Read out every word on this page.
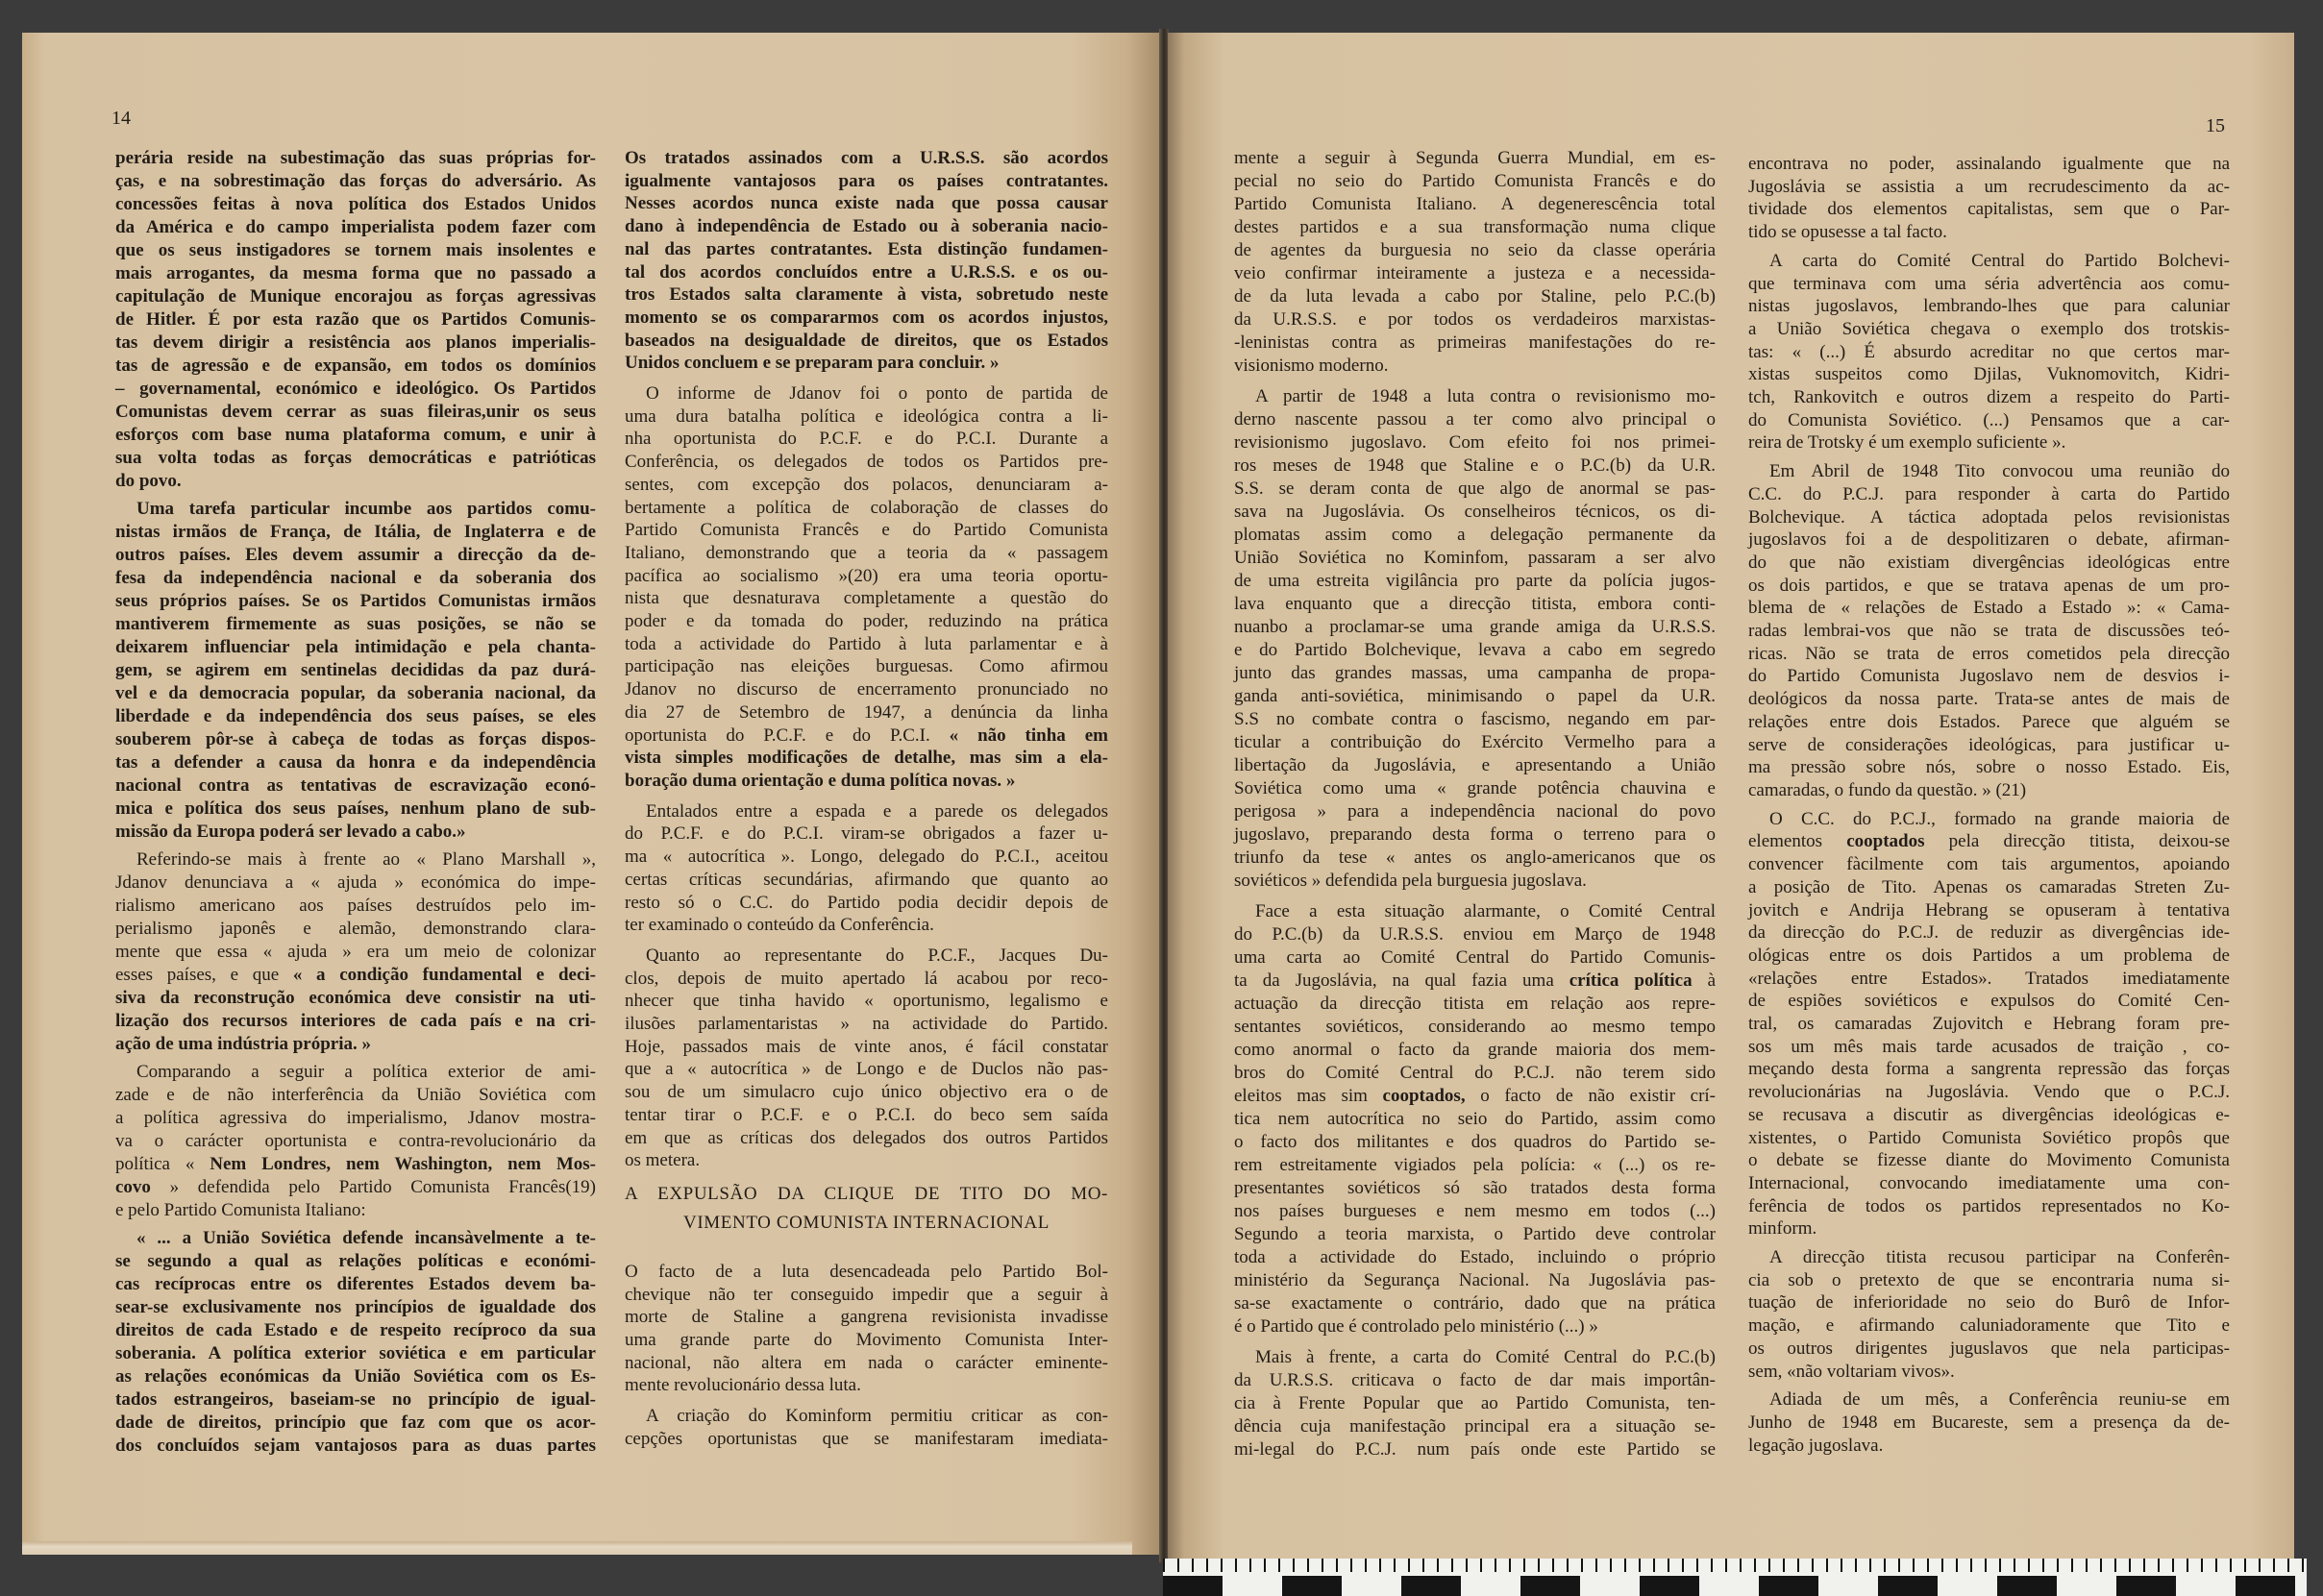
14
perária reside na subestimação das suas próprias for-
ças, e na sobrestimação das forças do adversário. As
concessões feitas à nova política dos Estados Unidos
da América e do campo imperialista podem fazer com
que os seus instigadores se tornem mais insolentes e
mais arrogantes, da mesma forma que no passado a
capitulação de Munique encorajou as forças agressivas
de Hitler. É por esta razão que os Partidos Comunis-
tas devem dirigir a resistência aos planos imperialis-
tas de agressão e de expansão, em todos os domínios
– governamental, económico e ideológico. Os Partidos
Comunistas devem cerrar as suas fileiras,unir os seus
esforços com base numa plataforma comum, e unir à
sua volta todas as forças democráticas e patrióticas
do povo.
Uma tarefa particular incumbe aos partidos comu-
nistas irmãos de França, de Itália, de Inglaterra e de
outros países. Eles devem assumir a direcção da de-
fesa da independência nacional e da soberania dos
seus próprios países. Se os Partidos Comunistas irmãos
mantiverem firmemente as suas posições, se não se
deixarem influenciar pela intimidação e pela chanta-
gem, se agirem em sentinelas decididas da paz durá-
vel e da democracia popular, da soberania nacional, da
liberdade e da independência dos seus países, se eles
souberem pôr-se à cabeça de todas as forças dispos-
tas a defender a causa da honra e da independência
nacional contra as tentativas de escravização econó-
mica e política dos seus países, nenhum plano de sub-
missão da Europa poderá ser levado a cabo.»
Referindo-se mais à frente ao « Plano Marshall »,
Jdanov denunciava a « ajuda » económica do impe-
rialismo americano aos países destruídos pelo im-
perialismo japonês e alemão, demonstrando clara-
mente que essa « ajuda » era um meio de colonizar
esses países, e que « a condição fundamental e deci-
siva da reconstrução económica deve consistir na uti-
lização dos recursos interiores de cada país e na cri-
ação de uma indústria própria. »
Comparando a seguir a política exterior de ami-
zade e de não interferência da União Soviética com
a política agressiva do imperialismo, Jdanov mostra-
va o carácter oportunista e contra-revolucionário da
política « Nem Londres, nem Washington, nem Mos-
covo » defendida pelo Partido Comunista Francês(19)
e pelo Partido Comunista Italiano:
« ... a União Soviética defende incansàvelmente a te-
se segundo a qual as relações políticas e económi-
cas recíprocas entre os diferentes Estados devem ba-
sear-se exclusivamente nos princípios de igualdade dos
direitos de cada Estado e de respeito recíproco da sua
soberania. A política exterior soviética e em particular
as relações económicas da União Soviética com os Es-
tados estrangeiros, baseiam-se no princípio de igual-
dade de direitos, princípio que faz com que os acor-
dos concluídos sejam vantajosos para as duas partes
Os tratados assinados com a U.R.S.S. são acordos
igualmente vantajosos para os países contratantes.
Nesses acordos nunca existe nada que possa causar
dano à independência de Estado ou à soberania nacio-
nal das partes contratantes. Esta distinção fundamen-
tal dos acordos concluídos entre a U.R.S.S. e os ou-
tros Estados salta claramente à vista, sobretudo neste
momento se os compararmos com os acordos injustos,
baseados na desigualdade de direitos, que os Estados
Unidos concluem e se preparam para concluir. »
O informe de Jdanov foi o ponto de partida de
uma dura batalha política e ideológica contra a li-
nha oportunista do P.C.F. e do P.C.I. Durante a
Conferência, os delegados de todos os Partidos pre-
sentes, com excepção dos polacos, denunciaram a-
bertamente a política de colaboração de classes do
Partido Comunista Francês e do Partido Comunista
Italiano, demonstrando que a teoria da « passagem
pacífica ao socialismo »(20) era uma teoria oportu-
nista que desnaturava completamente a questão do
poder e da tomada do poder, reduzindo na prática
toda a actividade do Partido à luta parlamentar e à
participação nas eleições burguesas. Como afirmou
Jdanov no discurso de encerramento pronunciado no
dia 27 de Setembro de 1947, a denúncia da linha
oportunista do P.C.F. e do P.C.I. « não tinha em
vista simples modificações de detalhe, mas sim a ela-
boração duma orientação e duma política novas. »
Entalados entre a espada e a parede os delegados
do P.C.F. e do P.C.I. viram-se obrigados a fazer u-
ma « autocrítica ». Longo, delegado do P.C.I., aceitou
certas críticas secundárias, afirmando que quanto ao
resto só o C.C. do Partido podia decidir depois de
ter examinado o conteúdo da Conferência.
Quanto ao representante do P.C.F., Jacques Du-
clos, depois de muito apertado lá acabou por reco-
nhecer que tinha havido « oportunismo, legalismo e
ilusões parlamentaristas » na actividade do Partido.
Hoje, passados mais de vinte anos, é fácil constatar
que a « autocrítica » de Longo e de Duclos não pas-
sou de um simulacro cujo único objectivo era o de
tentar tirar o P.C.F. e o P.C.I. do beco sem saída
em que as críticas dos delegados dos outros Partidos
os metera.
A EXPULSÃO DA CLIQUE DE TITO DO MO-
VIMENTO COMUNISTA INTERNACIONAL
O facto de a luta desencadeada pelo Partido Bol-
chevique não ter conseguido impedir que a seguir à
morte de Staline a gangrena revisionista invadisse
uma grande parte do Movimento Comunista Inter-
nacional, não altera em nada o carácter eminente-
mente revolucionário dessa luta.
A criação do Kominform permitiu criticar as con-
cepções oportunistas que se manifestaram imediata-
15
mente a seguir à Segunda Guerra Mundial, em es-
pecial no seio do Partido Comunista Francês e do
Partido Comunista Italiano. A degenerescência total
destes partidos e a sua transformação numa clique
de agentes da burguesia no seio da classe operária
veio confirmar inteiramente a justeza e a necessida-
de da luta levada a cabo por Staline, pelo P.C.(b)
da U.R.S.S. e por todos os verdadeiros marxistas-
-leninistas contra as primeiras manifestações do re-
visionismo moderno.
A partir de 1948 a luta contra o revisionismo mo-
derno nascente passou a ter como alvo principal o
revisionismo jugoslavo. Com efeito foi nos primei-
ros meses de 1948 que Staline e o P.C.(b) da U.R.
S.S. se deram conta de que algo de anormal se pas-
sava na Jugoslávia. Os conselheiros técnicos, os di-
plomatas assim como a delegação permanente da
União Soviética no Kominfom, passaram a ser alvo
de uma estreita vigilância pro parte da polícia jugos-
lava enquanto que a direcção titista, embora conti-
nuanbo a proclamar-se uma grande amiga da U.R.S.S.
e do Partido Bolchevique, levava a cabo em segredo
junto das grandes massas, uma campanha de propa-
ganda anti-soviética, minimisando o papel da U.R.
S.S no combate contra o fascismo, negando em par-
ticular a contribuição do Exército Vermelho para a
libertação da Jugoslávia, e apresentando a União
Soviética como uma « grande potência chauvina e
perigosa » para a independência nacional do povo
jugoslavo, preparando desta forma o terreno para o
triunfo da tese « antes os anglo-americanos que os
soviéticos » defendida pela burguesia jugoslava.
Face a esta situação alarmante, o Comité Central
do P.C.(b) da U.R.S.S. enviou em Março de 1948
uma carta ao Comité Central do Partido Comunis-
ta da Jugoslávia, na qual fazia uma crítica política à
actuação da direcção titista em relação aos repre-
sentantes soviéticos, considerando ao mesmo tempo
como anormal o facto da grande maioria dos mem-
bros do Comité Central do P.C.J. não terem sido
eleitos mas sim cooptados, o facto de não existir crí-
tica nem autocrítica no seio do Partido, assim como
o facto dos militantes e dos quadros do Partido se-
rem estreitamente vigiados pela polícia: « (...) os re-
presentantes soviéticos só são tratados desta forma
nos países burgueses e nem mesmo em todos (...)
Segundo a teoria marxista, o Partido deve controlar
toda a actividade do Estado, incluindo o próprio
ministério da Segurança Nacional. Na Jugoslávia pas-
sa-se exactamente o contrário, dado que na prática
é o Partido que é controlado pelo ministério (...) »
Mais à frente, a carta do Comité Central do P.C.(b)
da U.R.S.S. criticava o facto de dar mais importân-
cia à Frente Popular que ao Partido Comunista, ten-
dência cuja manifestação principal era a situação se-
mi-legal do P.C.J. num país onde este Partido se
encontrava no poder, assinalando igualmente que na
Jugoslávia se assistia a um recrudescimento da ac-
tividade dos elementos capitalistas, sem que o Par-
tido se opusesse a tal facto.
A carta do Comité Central do Partido Bolchevi-
que terminava com uma séria advertência aos comu-
nistas jugoslavos, lembrando-lhes que para caluniar
a União Soviética chegava o exemplo dos trotskis-
tas: « (...) É absurdo acreditar no que certos mar-
xistas suspeitos como Djilas, Vuknomovitch, Kidri-
tch, Rankovitch e outros dizem a respeito do Parti-
do Comunista Soviético. (...) Pensamos que a car-
reira de Trotsky é um exemplo suficiente ».
Em Abril de 1948 Tito convocou uma reunião do
C.C. do P.C.J. para responder à carta do Partido
Bolchevique. A táctica adoptada pelos revisionistas
jugoslavos foi a de despolitizaren o debate, afirman-
do que não existiam divergências ideológicas entre
os dois partidos, e que se tratava apenas de um pro-
blema de « relações de Estado a Estado »: « Cama-
radas lembrai-vos que não se trata de discussões teó-
ricas. Não se trata de erros cometidos pela direcção
do Partido Comunista Jugoslavo nem de desvios i-
deológicos da nossa parte. Trata-se antes de mais de
relações entre dois Estados. Parece que alguém se
serve de considerações ideológicas, para justificar u-
ma pressão sobre nós, sobre o nosso Estado. Eis,
camaradas, o fundo da questão. » (21)
O C.C. do P.C.J., formado na grande maioria de
elementos cooptados pela direcção titista, deixou-se
convencer fàcilmente com tais argumentos, apoiando
a posição de Tito. Apenas os camaradas Streten Zu-
jovitch e Andrija Hebrang se opuseram à tentativa
da direcção do P.C.J. de reduzir as divergências ide-
ológicas entre os dois Partidos a um problema de
«relações entre Estados». Tratados imediatamente
de espiões soviéticos e expulsos do Comité Cen-
tral, os camaradas Zujovitch e Hebrang foram pre-
sos um mês mais tarde acusados de traição , co-
meçando desta forma a sangrenta repressão das forças
revolucionárias na Jugoslávia. Vendo que o P.C.J.
se recusava a discutir as divergências ideológicas e-
xistentes, o Partido Comunista Soviético propôs que
o debate se fizesse diante do Movimento Comunista
Internacional, convocando imediatamente uma con-
ferência de todos os partidos representados no Ko-
minform.
A direcção titista recusou participar na Conferên-
cia sob o pretexto de que se encontraria numa si-
tuação de inferioridade no seio do Burô de Infor-
mação, e afirmando caluniadoramente que Tito e
os outros dirigentes juguslavos que nela participas-
sem, «não voltariam vivos».
Adiada de um mês, a Conferência reuniu-se em
Junho de 1948 em Bucareste, sem a presença da de-
legação jugoslava.
